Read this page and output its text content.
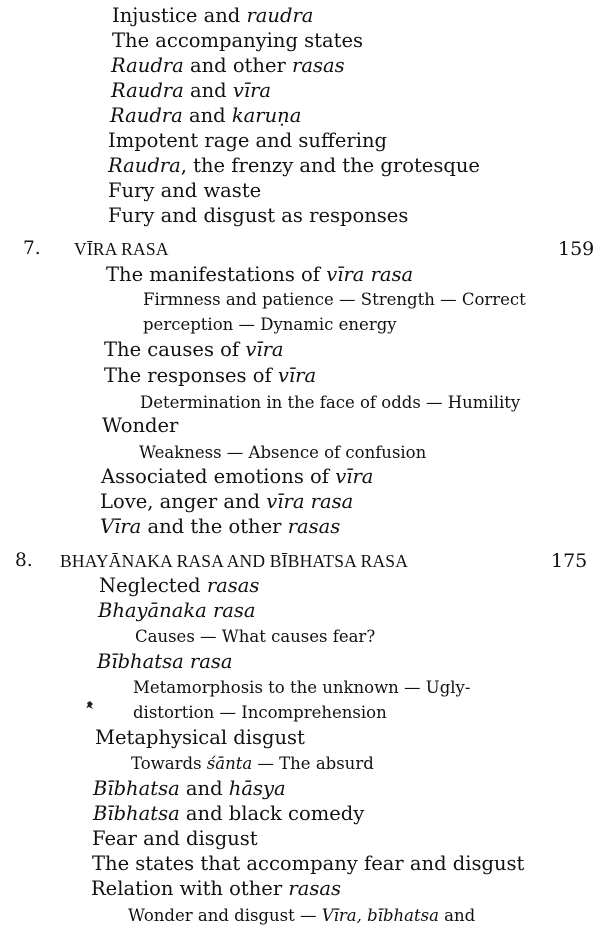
Injustice and raudra
The accompanying states
Raudra and other rasas
Raudra and vīra
Raudra and karuṇa
Impotent rage and suffering
Raudra, the frenzy and the grotesque
Fury and waste
Fury and disgust as responses
7. VĪRA RASA	159
The manifestations of vīra rasa
Firmness and patience — Strength — Correct
perception — Dynamic energy
The causes of vīra
The responses of vīra
Determination in the face of odds — Humility
Wonder
Weakness — Absence of confusion
Associated emotions of vīra
Love, anger and vīra rasa
Vīra and the other rasas
8. BHAYĀNAKA RASA AND BĪBHATSA RASA	175
Neglected rasas
Bhayānaka rasa
Causes — What causes fear?
Bībhatsa rasa
Metamorphosis to the unknown — Ugly-
distortion — Incomprehension
Metaphysical disgust
Towards śānta — The absurd
Bībhatsa and hāsya
Bībhatsa and black comedy
Fear and disgust
The states that accompany fear and disgust
Relation with other rasas
Wonder and disgust — Vīra, bībhatsa and
